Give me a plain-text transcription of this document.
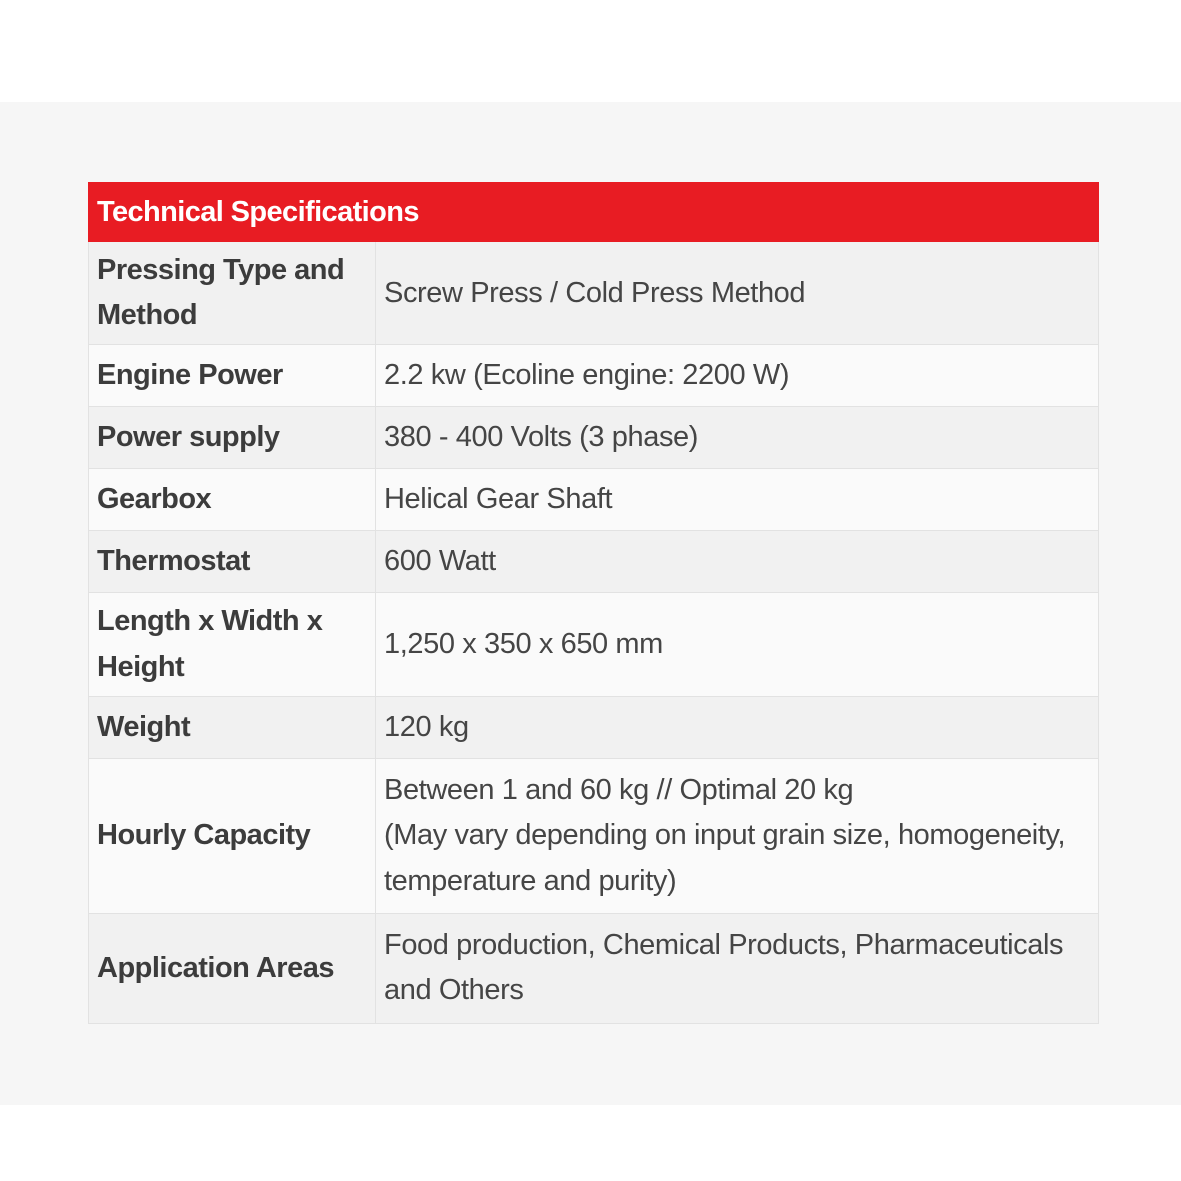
Technical Specifications	
Pressing Type and Method	Screw Press / Cold Press Method
Engine Power	2.2 kw (Ecoline engine: 2200 W)
Power supply	380 - 400 Volts (3 phase)
Gearbox	Helical Gear Shaft
Thermostat	600 Watt
Length x Width x Height	1,250 x 350 x 650 mm
Weight	120 kg
Hourly Capacity	Between 1 and 60 kg // Optimal 20 kg
(May vary depending on input grain size, homogeneity, temperature and purity)

Application Areas	Food production, Chemical Products, Pharmaceuticals and Others
